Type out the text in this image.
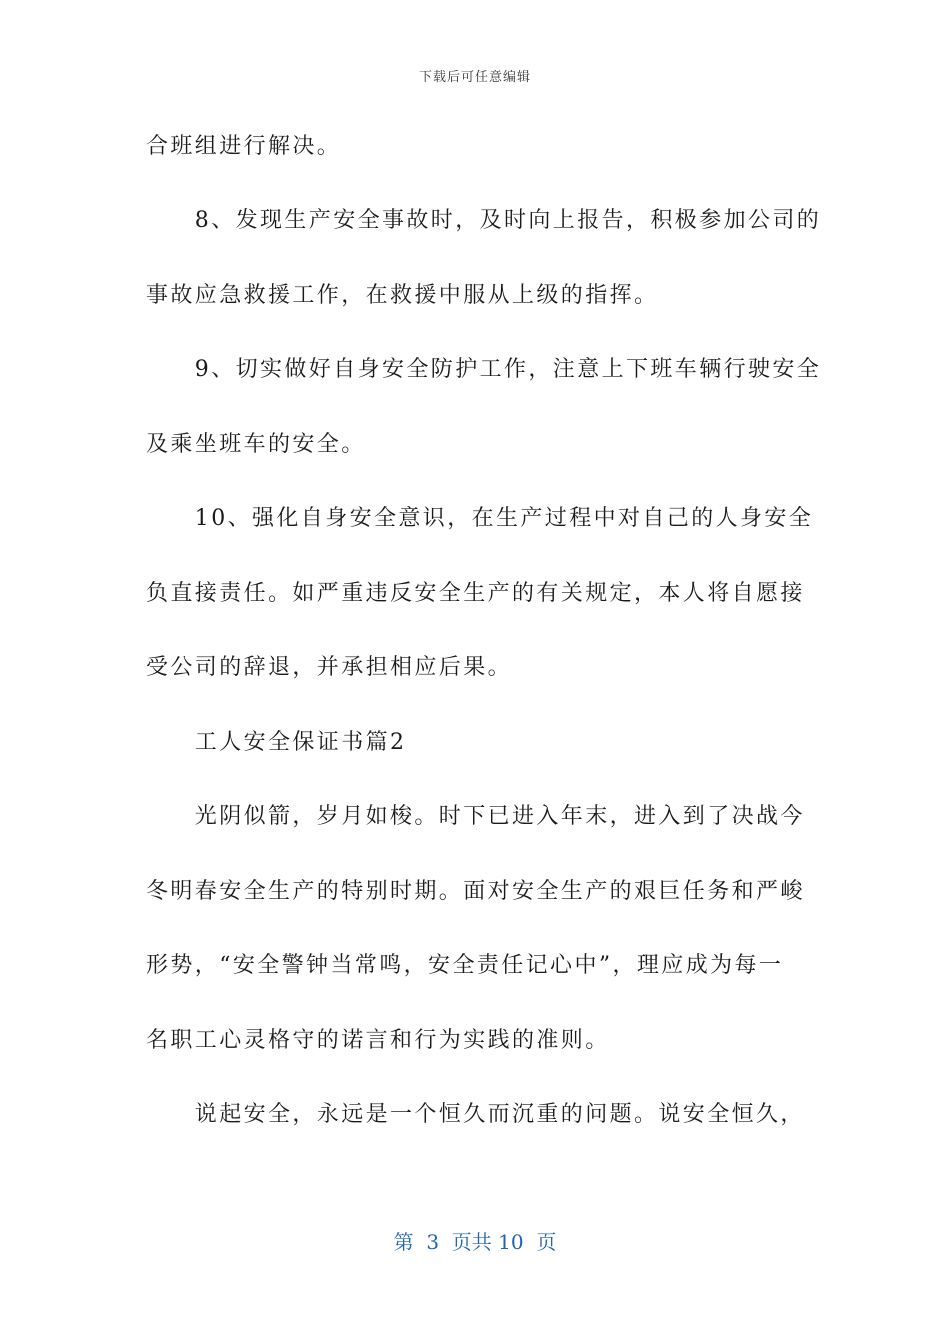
下载后可任意编辑
合班组进行解决。
　　8、发现生产安全事故时，及时向上报告，积极参加公司的
事故应急救援工作，在救援中服从上级的指挥。
　　9、切实做好自身安全防护工作，注意上下班车辆行驶安全
及乘坐班车的安全。
　　10、强化自身安全意识，在生产过程中对自己的人身安全
负直接责任。如严重违反安全生产的有关规定，本人将自愿接
受公司的辞退，并承担相应后果。
　　工人安全保证书篇2
　　光阴似箭，岁月如梭。时下已进入年末，进入到了决战今
冬明春安全生产的特别时期。面对安全生产的艰巨任务和严峻
形势，“安全警钟当常鸣，安全责任记心中”，理应成为每一
名职工心灵格守的诺言和行为实践的准则。
　　说起安全，永远是一个恒久而沉重的问题。说安全恒久，
第  3  页共 10  页
